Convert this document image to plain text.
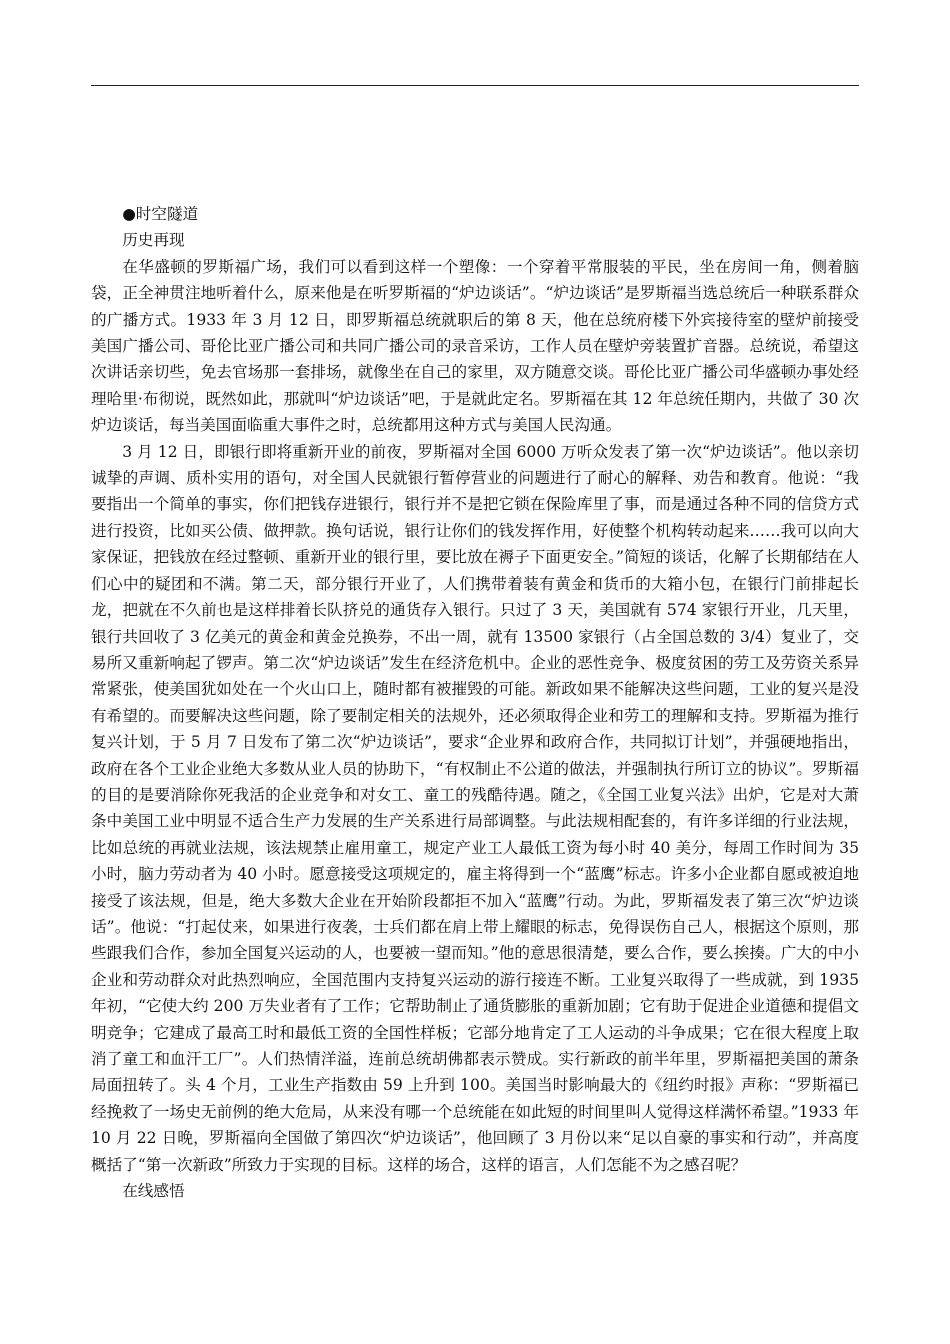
●时空隧道
历史再现

在华盛顿的罗斯福广场，我们可以看到这样一个塑像：一个穿着平常服装的平民，坐在房间一角，侧着脑袋，正全神贯注地听着什么，原来他是在听罗斯福的“炉边谈话”。“炉边谈话”是罗斯福当选总统后一种联系群众的广播方式。1933 年 3 月 12 日，即罗斯福总统就职后的第 8 天，他在总统府楼下外宾接待室的壁炉前接受美国广播公司、哥伦比亚广播公司和共同广播公司的录音采访，工作人员在壁炉旁装置扩音器。总统说，希望这次讲话亲切些，免去官场那一套排场，就像坐在自己的家里，双方随意交谈。哥伦比亚广播公司华盛顿办事处经理哈里·布彻说，既然如此，那就叫“炉边谈话”吧，于是就此定名。罗斯福在其 12 年总统任期内，共做了 30 次炉边谈话，每当美国面临重大事件之时，总统都用这种方式与美国人民沟通。

3 月 12 日，即银行即将重新开业的前夜，罗斯福对全国 6000 万听众发表了第一次“炉边谈话”。他以亲切诚挚的声调、质朴实用的语句，对全国人民就银行暂停营业的问题进行了耐心的解释、劝告和教育。他说：“我要指出一个简单的事实，你们把钱存进银行，银行并不是把它锁在保险库里了事，而是通过各种不同的信贷方式进行投资，比如买公债、做押款。换句话说，银行让你们的钱发挥作用，好使整个机构转动起来……我可以向大家保证，把钱放在经过整顿、重新开业的银行里，要比放在褥子下面更安全。”简短的谈话，化解了长期郁结在人们心中的疑团和不满。第二天，部分银行开业了，人们携带着装有黄金和货币的大箱小包，在银行门前排起长龙，把就在不久前也是这样排着长队挤兑的通货存入银行。只过了 3 天，美国就有 574 家银行开业，几天里，银行共回收了 3 亿美元的黄金和黄金兑换券，不出一周，就有 13500 家银行（占全国总数的 3/4）复业了，交易所又重新响起了锣声。第二次“炉边谈话”发生在经济危机中。企业的恶性竞争、极度贫困的劳工及劳资关系异常紧张，使美国犹如处在一个火山口上，随时都有被摧毁的可能。新政如果不能解决这些问题，工业的复兴是没有希望的。而要解决这些问题，除了要制定相关的法规外，还必须取得企业和劳工的理解和支持。罗斯福为推行复兴计划，于 5 月 7 日发布了第二次“炉边谈话”，要求“企业界和政府合作，共同拟订计划”，并强硬地指出，政府在各个工业企业绝大多数从业人员的协助下，“有权制止不公道的做法，并强制执行所订立的协议”。罗斯福的目的是要消除你死我活的企业竞争和对女工、童工的残酷待遇。随之，《全国工业复兴法》出炉，它是对大萧条中美国工业中明显不适合生产力发展的生产关系进行局部调整。与此法规相配套的，有许多详细的行业法规，比如总统的再就业法规，该法规禁止雇用童工，规定产业工人最低工资为每小时 40 美分，每周工作时间为 35 小时，脑力劳动者为 40 小时。愿意接受这项规定的，雇主将得到一个“蓝鹰”标志。许多小企业都自愿或被迫地接受了该法规，但是，绝大多数大企业在开始阶段都拒不加入“蓝鹰”行动。为此，罗斯福发表了第三次“炉边谈话”。他说：“打起仗来，如果进行夜袭，士兵们都在肩上带上耀眼的标志，免得误伤自己人，根据这个原则，那些跟我们合作，参加全国复兴运动的人，也要被一望而知。”他的意思很清楚，要么合作，要么挨揍。广大的中小企业和劳动群众对此热烈响应，全国范围内支持复兴运动的游行接连不断。工业复兴取得了一些成就，到 1935 年初，“它使大约 200 万失业者有了工作；它帮助制止了通货膨胀的重新加剧；它有助于促进企业道德和提倡文明竞争；它建成了最高工时和最低工资的全国性样板；它部分地肯定了工人运动的斗争成果；它在很大程度上取消了童工和血汗工厂”。人们热情洋溢，连前总统胡佛都表示赞成。实行新政的前半年里，罗斯福把美国的萧条局面扭转了。头 4 个月，工业生产指数由 59 上升到 100。美国当时影响最大的《纽约时报》声称：“罗斯福已经挽救了一场史无前例的绝大危局，从来没有哪一个总统能在如此短的时间里叫人觉得这样满怀希望。”1933 年 10 月 22 日晚，罗斯福向全国做了第四次“炉边谈话”，他回顾了 3 月份以来“足以自豪的事实和行动”，并高度概括了“第一次新政”所致力于实现的目标。这样的场合，这样的语言，人们怎能不为之感召呢？

在线感悟
